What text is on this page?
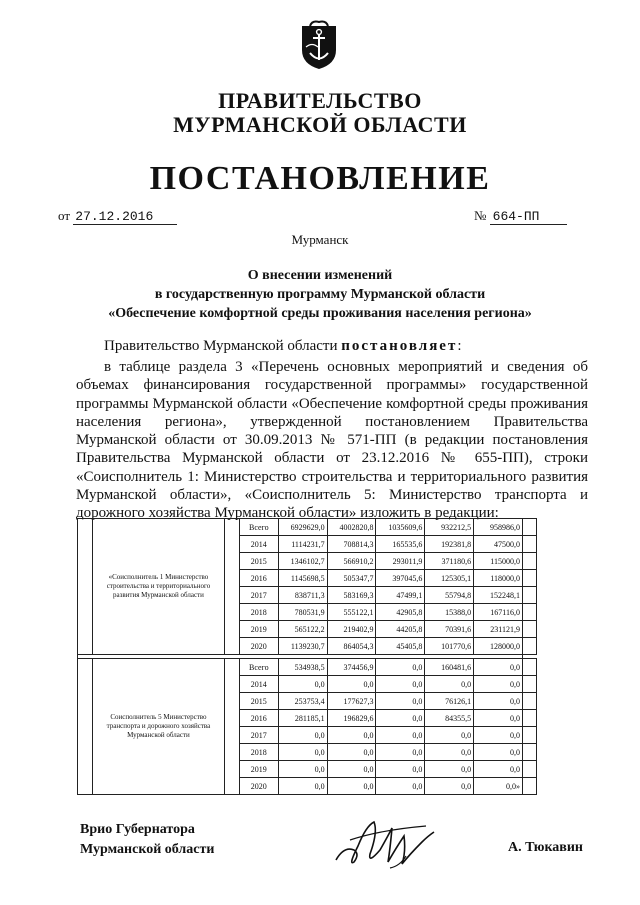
ПРАВИТЕЛЬСТВО
МУРМАНСКОЙ ОБЛАСТИ
ПОСТАНОВЛЕНИЕ
от 27.12.2016	№ 664-ПП
Мурманск
О внесении изменений
в государственную программу Мурманской области
«Обеспечение комфортной среды проживания населения региона»
Правительство Мурманской области постановляет:
в таблице раздела 3 «Перечень основных мероприятий и сведения об объемах финансирования государственной программы» государственной программы Мурманской области «Обеспечение комфортной среды проживания населения региона», утвержденной постановлением Правительства Мурманской области от 30.09.2013 № 571-ПП (в редакции постановления Правительства Мурманской области от 23.12.2016 № 655-ПП), строки «Соисполнитель 1: Министерство строительства и территориального развития Мурманской области», «Соисполнитель 5: Министерство транспорта и дорожного хозяйства Мурманской области» изложить в редакции:
	«Соисполнитель 1 Министерство строительства и территориального развития Мурманской области		Всего	6929629,0	4002820,8	1035609,6	932212,5	958986,0	
			2014	1114231,7	708814,3	165535,6	192381,8	47500,0	
			2015	1346102,7	566910,2	293011,9	371180,6	115000,0	
			2016	1145698,5	505347,7	397045,6	125305,1	118000,0	
			2017	838711,3	583169,3	47499,1	55794,8	152248,1	
			2018	780531,9	555122,1	42905,8	15388,0	167116,0	
			2019	565122,2	219402,9	44205,8	70391,6	231121,9	
			2020	1139230,7	864054,3	45405,8	101770,6	128000,0	

	Соисполнитель 5 Министерство транспорта и дорожного хозяйства Мурманской области		Всего	534938,5	374456,9	0,0	160481,6	0,0	
			2014	0,0	0,0	0,0	0,0	0,0	
			2015	253753,4	177627,3	0,0	76126,1	0,0	
			2016	281185,1	196829,6	0,0	84355,5	0,0	
			2017	0,0	0,0	0,0	0,0	0,0	
			2018	0,0	0,0	0,0	0,0	0,0	
			2019	0,0	0,0	0,0	0,0	0,0	
			2020	0,0	0,0	0,0	0,0	0,0»	
Врио Губернатора
Мурманской области	А. Тюкавин
